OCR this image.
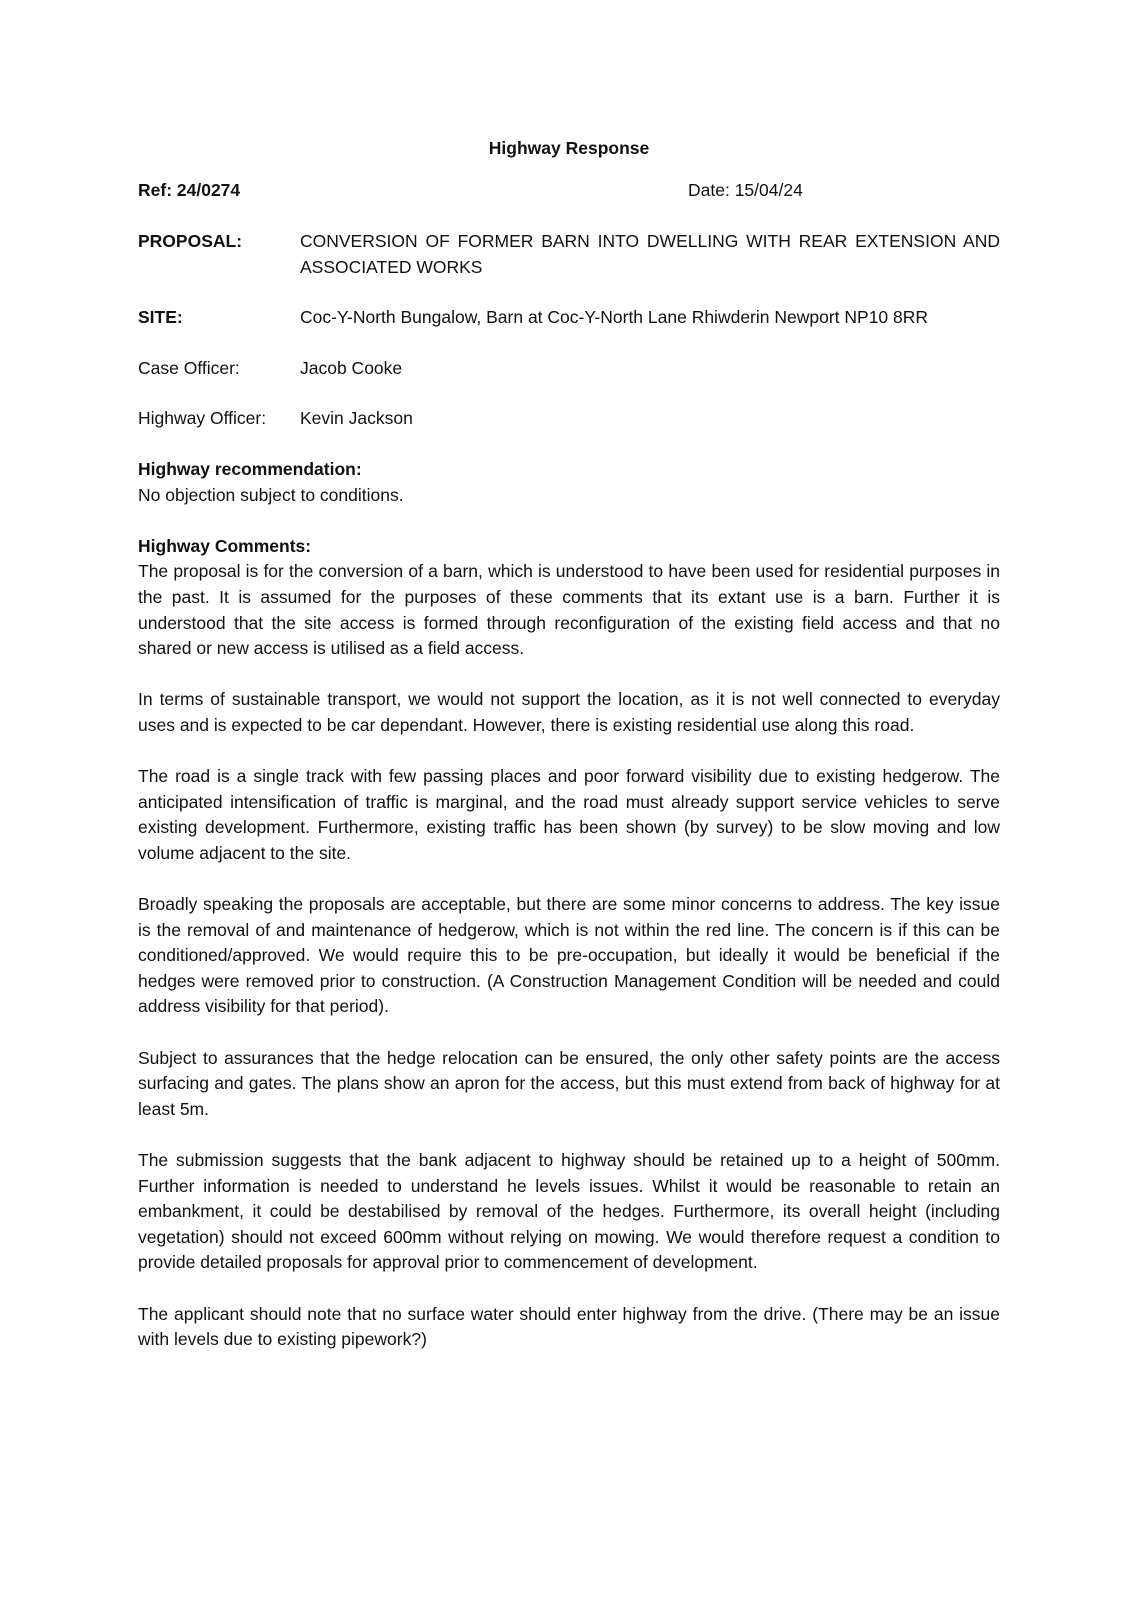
Highway Response
Ref: 24/0274	Date: 15/04/24
PROPOSAL:	CONVERSION OF FORMER BARN INTO DWELLING WITH REAR EXTENSION AND ASSOCIATED WORKS
SITE:	Coc-Y-North Bungalow, Barn at Coc-Y-North Lane Rhiwderin Newport NP10 8RR
Case Officer:	Jacob Cooke
Highway Officer:	Kevin Jackson
Highway recommendation:
No objection subject to conditions.
Highway Comments:

The proposal is for the conversion of a barn, which is understood to have been used for residential purposes in the past. It is assumed for the purposes of these comments that its extant use is a barn. Further it is understood that the site access is formed through reconfiguration of the existing field access and that no shared or new access is utilised as a field access.

In terms of sustainable transport, we would not support the location, as it is not well connected to everyday uses and is expected to be car dependant. However, there is existing residential use along this road.

The road is a single track with few passing places and poor forward visibility due to existing hedgerow. The anticipated intensification of traffic is marginal, and the road must already support service vehicles to serve existing development. Furthermore, existing traffic has been shown (by survey) to be slow moving and low volume adjacent to the site.

Broadly speaking the proposals are acceptable, but there are some minor concerns to address. The key issue is the removal of and maintenance of hedgerow, which is not within the red line. The concern is if this can be conditioned/approved. We would require this to be pre-occupation, but ideally it would be beneficial if the hedges were removed prior to construction. (A Construction Management Condition will be needed and could address visibility for that period).

Subject to assurances that the hedge relocation can be ensured, the only other safety points are the access surfacing and gates. The plans show an apron for the access, but this must extend from back of highway for at least 5m.

The submission suggests that the bank adjacent to highway should be retained up to a height of 500mm. Further information is needed to understand he levels issues. Whilst it would be reasonable to retain an embankment, it could be destabilised by removal of the hedges. Furthermore, its overall height (including vegetation) should not exceed 600mm without relying on mowing. We would therefore request a condition to provide detailed proposals for approval prior to commencement of development.

The applicant should note that no surface water should enter highway from the drive. (There may be an issue with levels due to existing pipework?)
